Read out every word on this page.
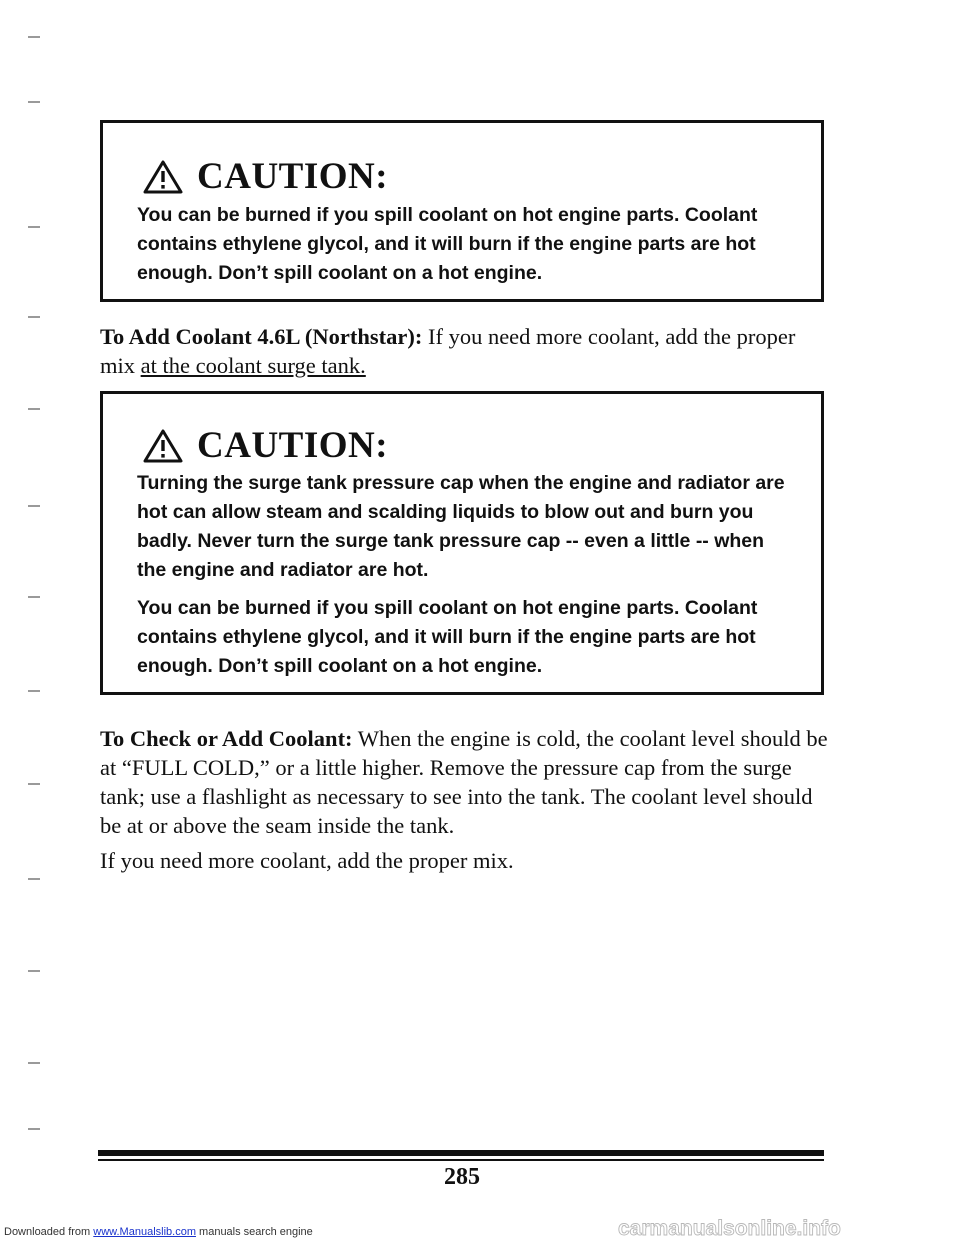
CAUTION:

You can be burned if you spill coolant on hot engine parts. Coolant contains ethylene glycol, and it will burn if the engine parts are hot enough. Don’t spill coolant on a hot engine.

To Add Coolant 4.6L (Northstar): If you need more coolant, add the proper mix at the coolant surge tank.

CAUTION:

Turning the surge tank pressure cap when the engine and radiator are hot can allow steam and scalding liquids to blow out and burn you badly. Never turn the surge tank pressure cap -- even a little -- when the engine and radiator are hot.

You can be burned if you spill coolant on hot engine parts. Coolant contains ethylene glycol, and it will burn if the engine parts are hot enough. Don’t spill coolant on a hot engine.

To Check or Add Coolant: When the engine is cold, the coolant level should be at “FULL COLD,” or a little higher. Remove the pressure cap from the surge tank; use a flashlight as necessary to see into the tank. The coolant level should be at or above the seam inside the tank.

If you need more coolant, add the proper mix.

285
Downloaded from www.Manualslib.com manuals search engine	carmanualsonline.info
